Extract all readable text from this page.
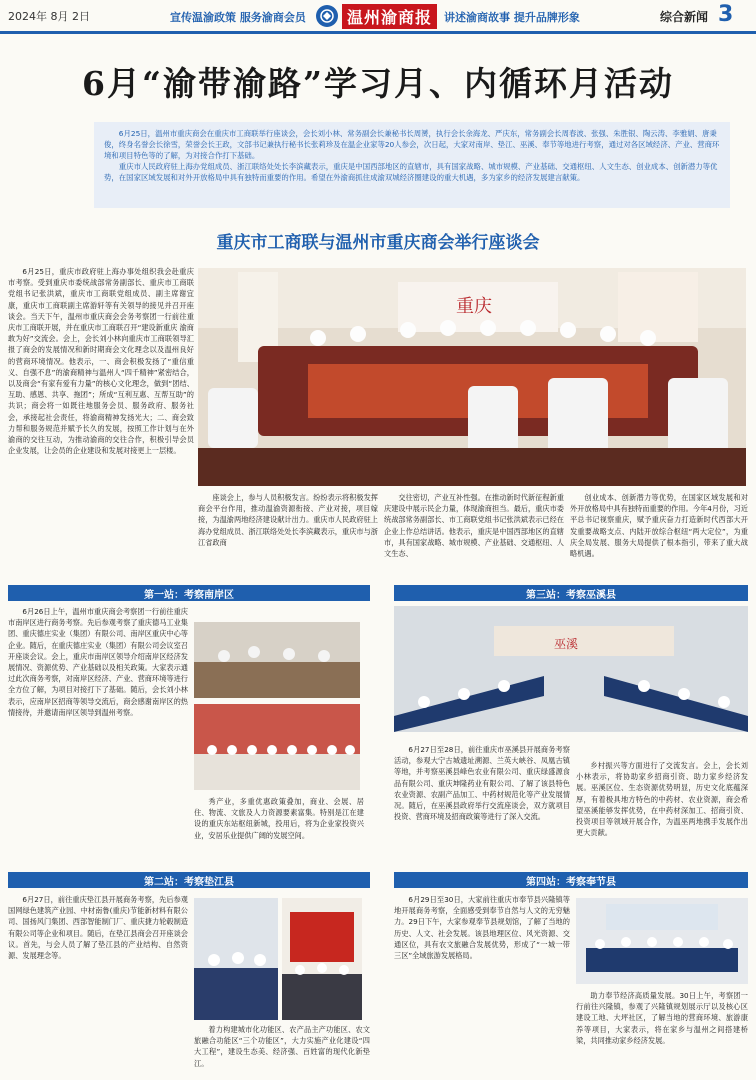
2024年 8月 2日	宣传温渝政策 服务渝商会员	温州渝商报	讲述渝商故事 提升品牌形象	综合新闻 3
6月“渝带渝路”学习月、内循环月活动

6月25日，温州市重庆商会在重庆市工商联举行座谈会，会长刘小林、常务副会长兼秘书长周赟，执行会长余海龙、严庆东，常务副会长周春波、张强、朱胜银、陶云涛、李雅娟、唐秉俊，终身名誉会长徐雪，荣誉会长王政，文部书记兼执行秘书长张莉珍及在温企业家等20人参会，次日起，大家对南岸、垫江、巫溪、奉节等地进行考察，通过对各区域经济、产业、营商环境和项目特色等的了解，为对接合作打下基础。

重庆市人民政府驻上海办党组成员、浙江联络处处长李滨藏表示，重庆是中国西部地区的直辖市，具有国家战略、城市规模、产业基础、交通枢纽、人文生态、创业成本、创新潜力等优势，在国家区域发展和对外开放格局中具有独特而重要的作用。希望在外渝商抓住成渝双城经济圈建设的重大机遇，多为家乡的经济发展建言献策。

重庆市工商联与温州市重庆商会举行座谈会

6月25日，重庆市政府驻上海办事处组织我会赴重庆市考察。受到重庆市委统战部常务副部长、重庆市工商联党组书记张洪斌，重庆市工商联党组成员、副主席谢宜康，重庆市工商联副主席游轩等有关领导的接见并召开座谈会。当天下午，温州市重庆商会会务考察团一行前往重庆市工商联开展，并在重庆市工商联召开“建设新重庆 渝商敢为好”交流会。会上，会长刘小林向重庆市工商联领导汇报了商会的发展情况和新时期商会文化理念以及温州良好的营商环境情况。他表示，一、商会积极发扬了“重信重义、自强不息”的渝商精神与温州人“四千精神”紧密结合，以及商会“有家有爱有力量”的核心文化理念，做到“团结、互助、感恩、共享、拖团”；所成“互利互惠、互帮互助”的共识；商会将一如既往地服务会员、服务政府、服务社会，承接起社会责任，将渝商精神发扬光大；二、商会致力帮和服务规范并赋予长久的发展，按照工作计划与在外渝商的交往互动，为推动渝商的交往合作，积极引导会员企业发展，让会员的企业建设和发展对接更上一层楼。

重庆

座谈会上，参与人员积极发言。纷纷表示将积极发挥商会平台作用，推动温渝资源衔接、产业对接，项目嫁接，为温渝两地经济建设献计出力。重庆市人民政府驻上海办党组成员、浙江联络处处长李滨藏表示，重庆市与浙江省政商

交往密切，产业互补性强。在推动新时代新征程新重庆建设中展示民企力量，体现渝商担当。最后，重庆市委统战部常务副部长、市工商联党组书记张洪斌表示已经在企业上作总结讲话。他表示，重庆是中国西部地区的直辖市，具有国家战略、城市规模、产业基础、交通枢纽、人文生态、

创业成本、创新潜力等优势，在国家区域发展和对外开放格局中具有独特而重要的作用。今年4月份，习近平总书记视察重庆，赋予重庆奋力打造新时代西部大开发重要战略支点、内陆开放综合枢纽“两大定位”，为重庆全局发展、服务大局提供了根本指引，带来了重大战略机遇。

第一站：考察南岸区

6月26日上午，温州市重庆商会考察团一行前往重庆市南岸区进行商务考察。先后参观考察了重庆德马工业集团、重庆德庄实业（集团）有限公司、南岸区重庆中心等企业。随后，在重庆德庄实业（集团）有限公司会议室召开座谈会议。会上，重庆市南岸区领导介绍南岸区经济发展情况、资源优势、产业基础以及相关政策。大家表示通过此次商务考察，对南岸区经济、产业、营商环境等进行全方位了解，为项目对接打下了基础。随后，会长刘小林表示，应南岸区招商等领导交流后，商会感谢南岸区的热情接待，并邀请南岸区领导到温州考察。

秀产业，多重优惠政策叠加，商业、会展、居住、物流、文旅及人力资源要素富集。特别是江在建设的重庆东站枢纽新城，投用后，将为企业家投资兴业，安居乐业提供广阔的发展空间。

第三站：考察巫溪县
巫溪

6月27日至28日，前往重庆市巫溪县开展商务考察活动，参观大宁古城遗址溯源、兰英大峡谷、凤凰古镇等地，并考察巫溪县峰色农业有限公司、重庆绿盛源食品有限公司、重庆坤隆药业有限公司、了解了该县特色农业资源、农副产品加工、中药材规范化等产业发展情况。随后，在巫溪县政府举行交流座谈会，双方就项目投资、营商环境及招商政策等进行了深入交流。

乡村振兴等方面进行了交流发言。会上，会长刘小林表示，将协助家乡招商引资、助力家乡经济发展。巫溪区位、生态资源优势明显，历史文化底蕴深厚，有着极具地方特色的中药材、农业资源，商会希望巫溪能够发挥优势，在中药材深加工、招商引资、投资项目等领域开展合作，为温巫两地携手发展作出更大贡献。

第二站：考察垫江县

6月27日，前往重庆垫江县开展商务考察，先后参观国网绿色建筑产业园、中材南鲁(重庆)节能新材料有限公司、国扬风门集团、西部智能制门厂、重庆捷力轮毂制造有限公司等企业和项目。随后，在垫江县商会召开座谈会议。首先，与会人员了解了垫江县的产业结构、自然资源、发展理念等。

着力构建城市化功能区、农产品主产功能区、农文旅融合功能区“三个功能区”，大力实施产业化建设“四大工程”，建设生态美、经济强、百姓富的现代化新垫江。

第四站：考察奉节县

6月29日至30日，大家前往重庆市奉节县兴隆镇等地开展商务考察，全面感受到奉节自然与人文的无穷魅力。29日下午，大家参观奉节县规划馆，了解了当地的历史、人文、社会发展。该县地理区位、风光资源、交通区位，具有农文旅融合发展优势，形成了“一城一带三区”全域旅游发展格局。

助力奉节经济高质量发展。30日上午，考察团一行前往兴隆镇，参观了兴隆镇规划展示厅以及核心区建设工地、大坪社区，了解当地的营商环境、旅游康养等项目，大家表示，将在家乡与温州之间搭建桥梁，共同推动家乡经济发展。
